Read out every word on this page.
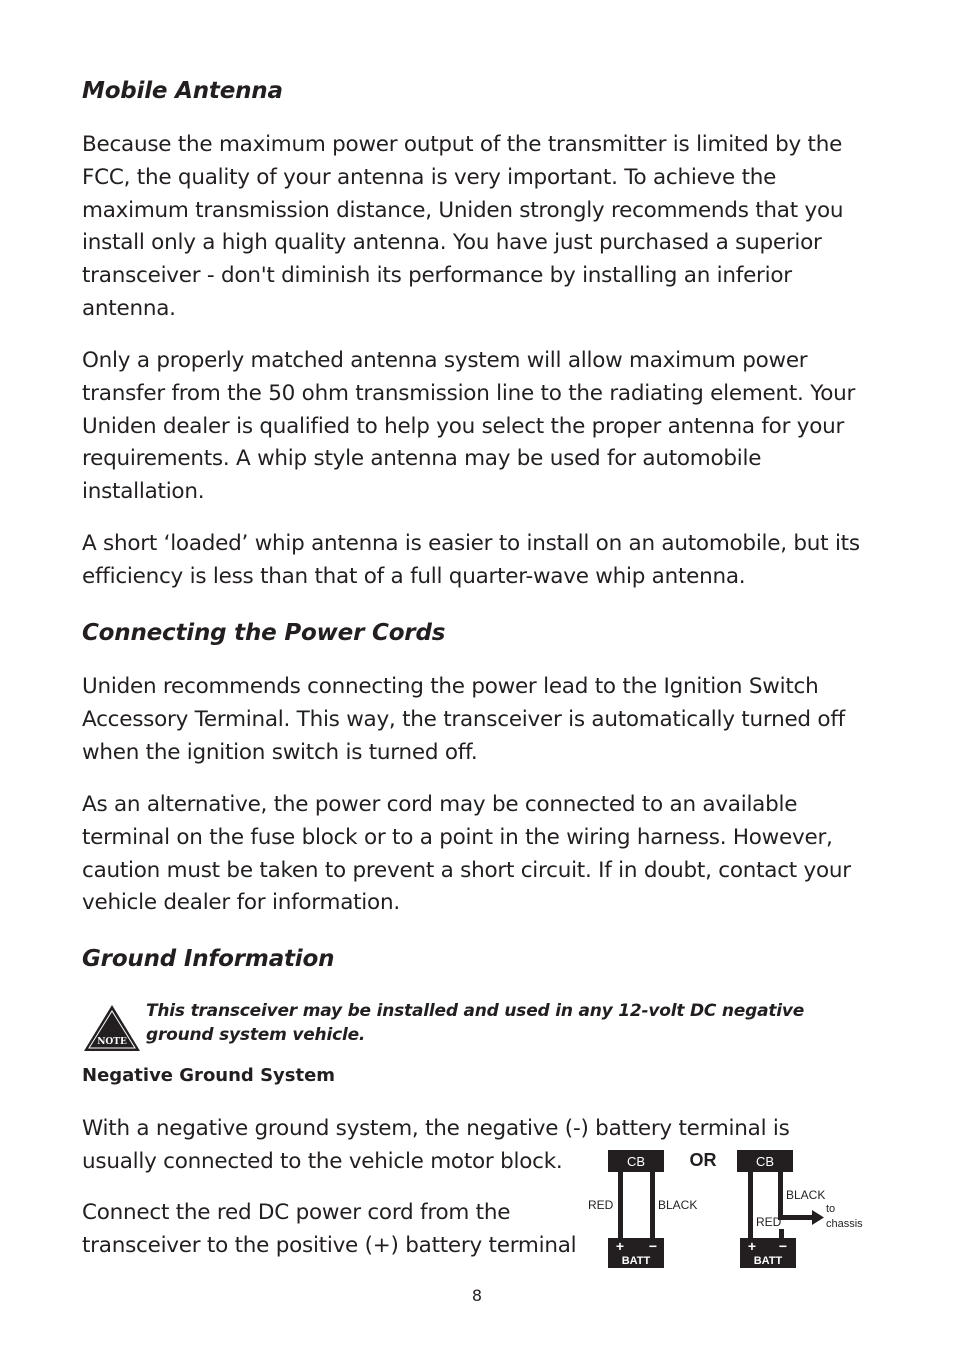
Mobile Antenna

Because the maximum power output of the transmitter is limited by the FCC, the quality of your antenna is very important. To achieve the maximum transmission distance, Uniden strongly recommends that you install only a high quality antenna. You have just purchased a superior transceiver - don't diminish its performance by installing an inferior antenna.

Only a properly matched antenna system will allow maximum power transfer from the 50 ohm transmission line to the radiating element. Your Uniden dealer is qualified to help you select the proper antenna for your requirements. A whip style antenna may be used for automobile installation.

A short ‘loaded’ whip antenna is easier to install on an automobile, but its efficiency is less than that of a full quarter-wave whip antenna.

Connecting the Power Cords

Uniden recommends connecting the power lead to the Ignition Switch Accessory Terminal. This way, the transceiver is automatically turned off when the ignition switch is turned off.

As an alternative, the power cord may be connected to an available terminal on the fuse block or to a point in the wiring harness. However, caution must be taken to prevent a short circuit. If in doubt, contact your vehicle dealer for information.

Ground Information
This transceiver may be installed and used in any 12-volt DC negative ground system vehicle.
Negative Ground System

With a negative ground system, the negative (-) battery terminal is
usually connected to the vehicle motor block.

Connect the red DC power cord from the
transceiver to the positive (+) battery terminal

NOTE
CB
RED	BLACK
+ −
BATT
OR	CB
BLACK
RED
to
chassis
+ −
BATT
8
